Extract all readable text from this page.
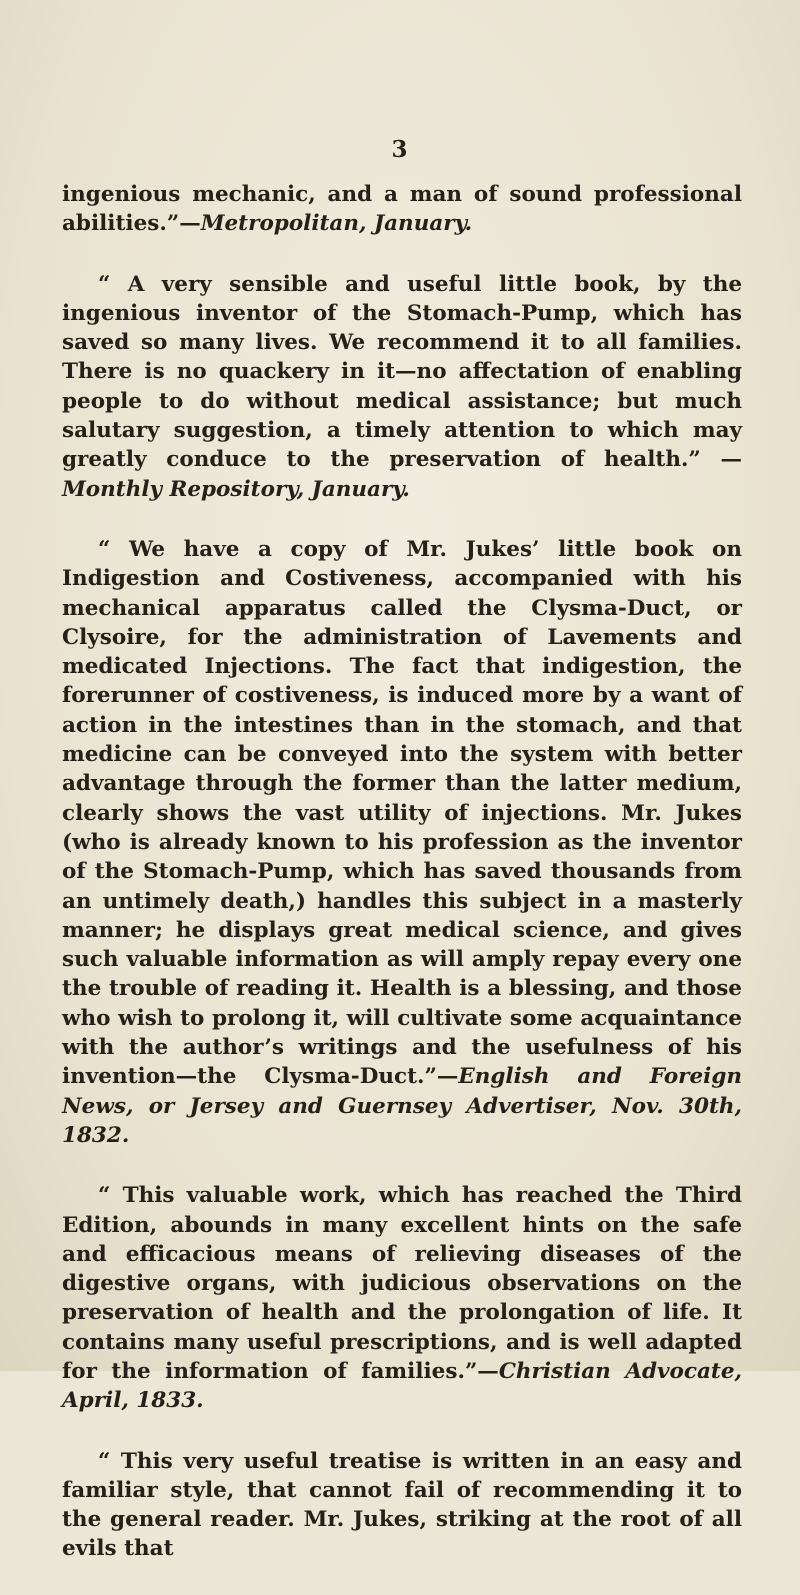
3

ingenious mechanic, and a man of sound professional abilities.”—Metropolitan, January.

“ A very sensible and useful little book, by the ingenious inventor of the Stomach-Pump, which has saved so many lives. We recommend it to all families. There is no quackery in it—no affectation of enabling people to do without medical assistance; but much salutary suggestion, a timely attention to which may greatly conduce to the preservation of health.” —Monthly Repository, January.

“ We have a copy of Mr. Jukes’ little book on Indigestion and Costiveness, accompanied with his mechanical apparatus called the Clysma-Duct, or Clysoire, for the administration of Lavements and medicated Injections. The fact that indigestion, the forerunner of costiveness, is induced more by a want of action in the intestines than in the stomach, and that medicine can be conveyed into the system with better advantage through the former than the latter medium, clearly shows the vast utility of injections. Mr. Jukes (who is already known to his profession as the inventor of the Stomach-Pump, which has saved thousands from an untimely death,) handles this subject in a masterly manner; he displays great medical science, and gives such valuable information as will amply repay every one the trouble of reading it. Health is a blessing, and those who wish to prolong it, will cultivate some acquaintance with the author’s writings and the usefulness of his invention—the Clysma-Duct.”—English and Foreign News, or Jersey and Guernsey Advertiser, Nov. 30th, 1832.

“ This valuable work, which has reached the Third Edition, abounds in many excellent hints on the safe and efficacious means of relieving diseases of the digestive organs, with judicious observations on the preservation of health and the prolongation of life. It contains many useful prescriptions, and is well adapted for the information of families.”—Christian Advocate, April, 1833.

“ This very useful treatise is written in an easy and familiar style, that cannot fail of recommending it to the general reader. Mr. Jukes, striking at the root of all evils that
